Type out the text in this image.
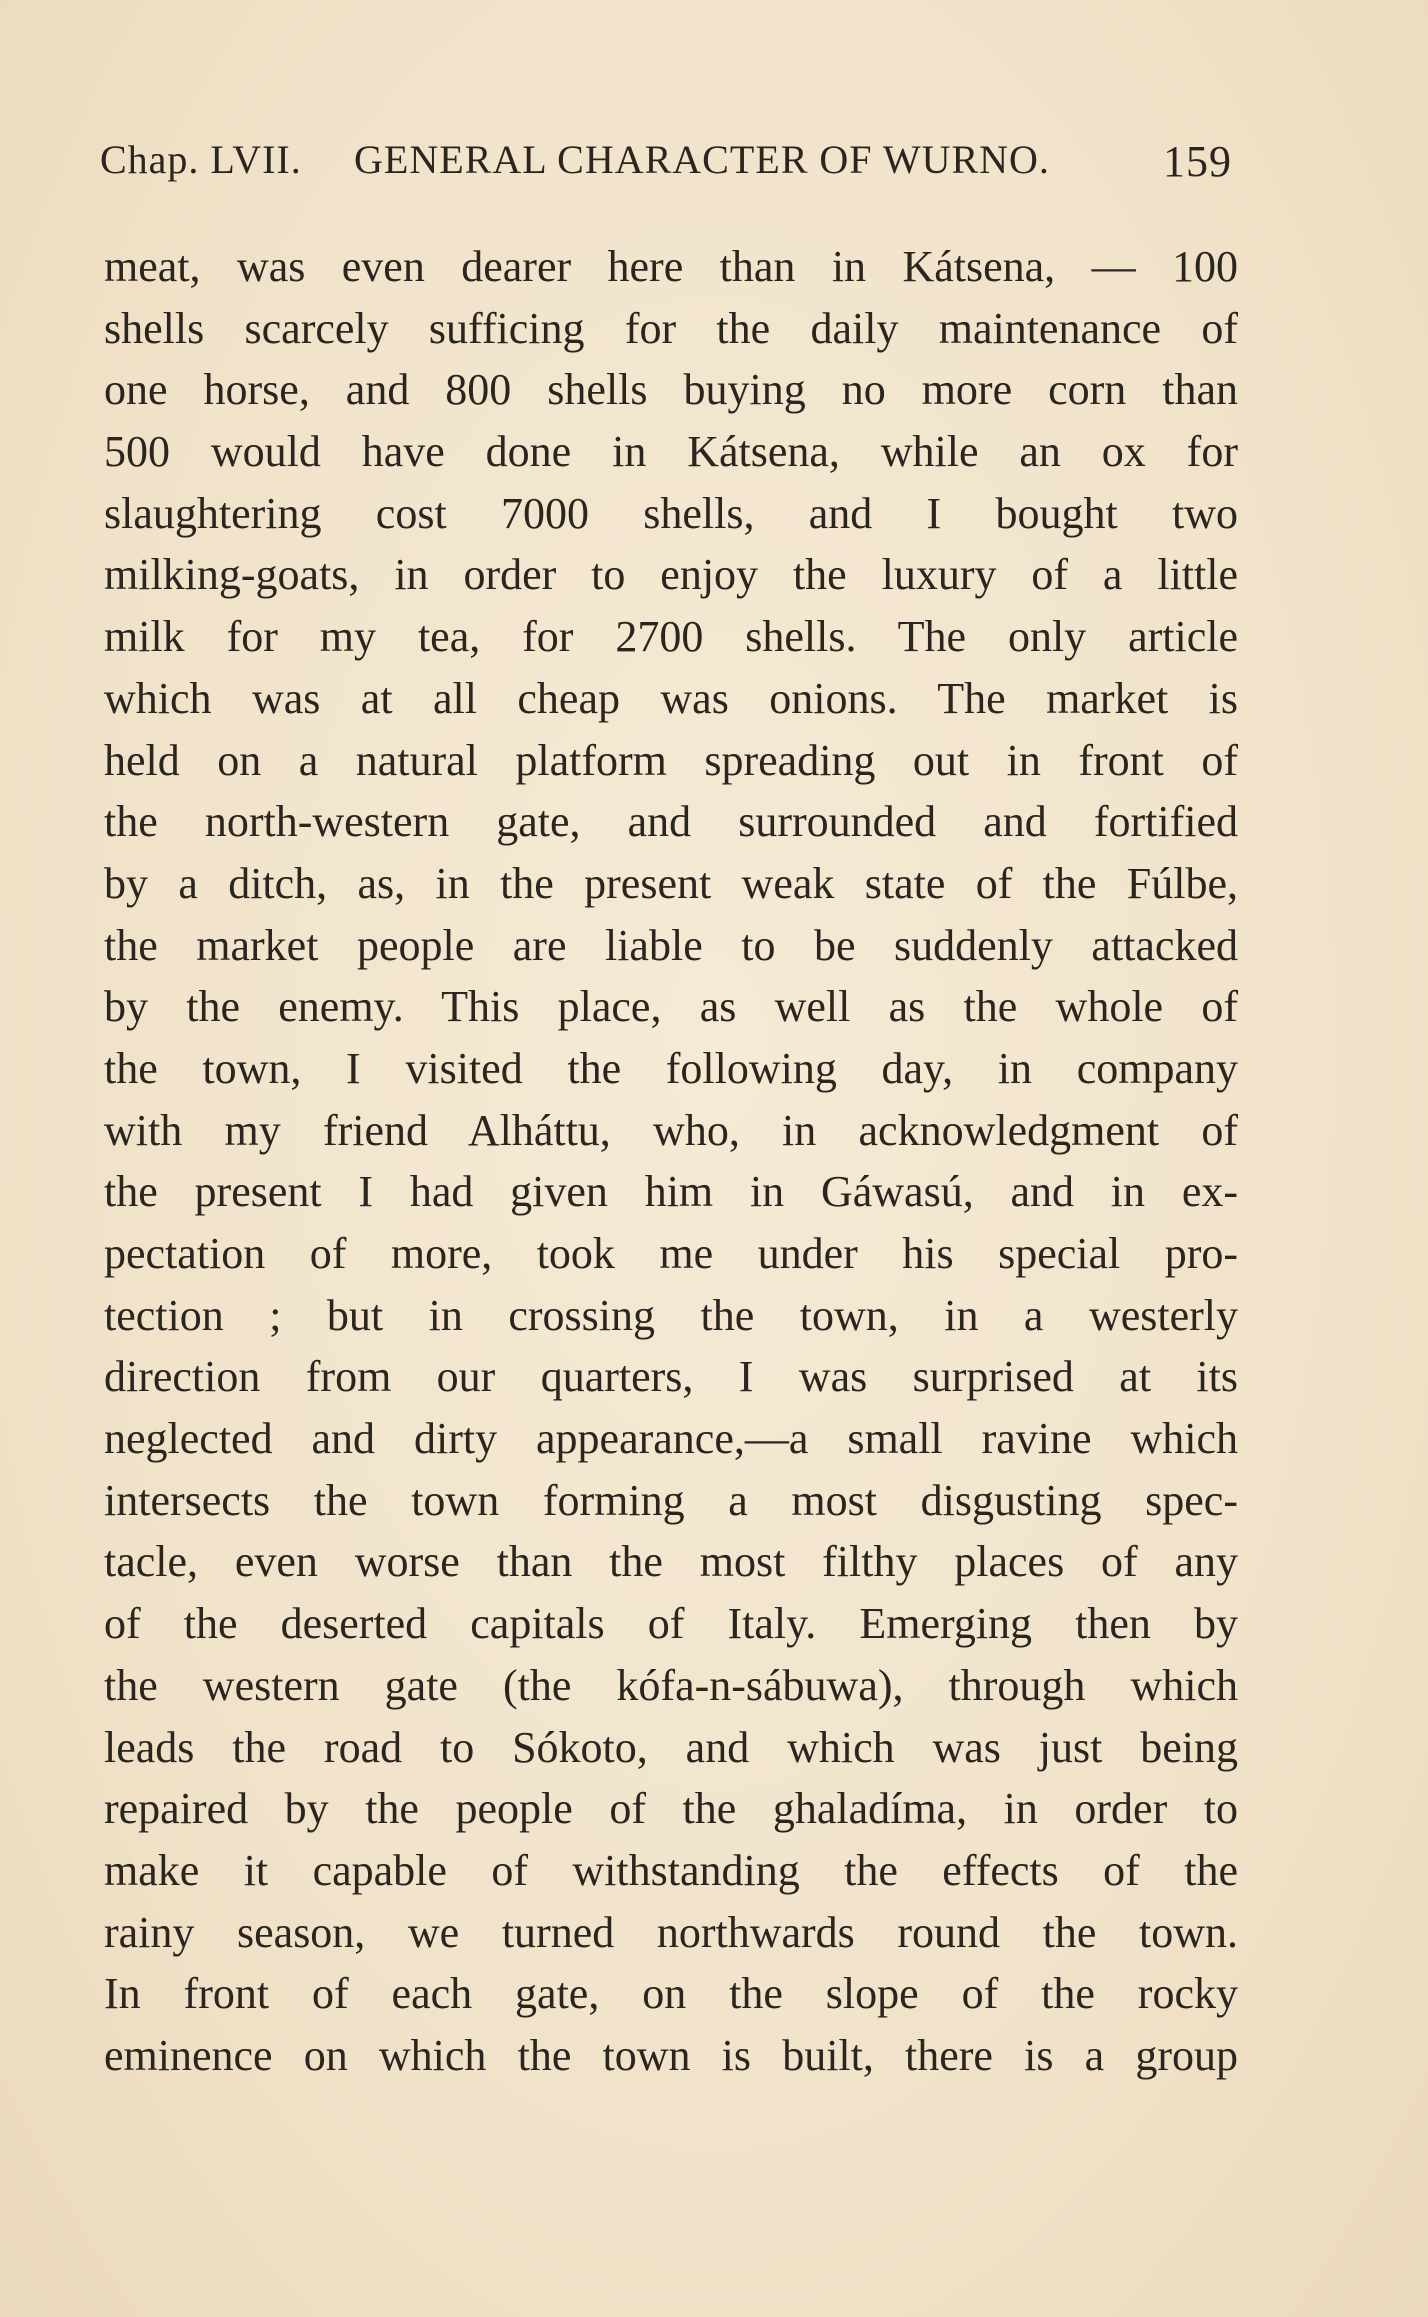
Chap. LVII. GENERAL CHARACTER OF WURNO.	159
meat, was even dearer here than in Kátsena, — 100
shells scarcely sufficing for the daily maintenance of
one horse, and 800 shells buying no more corn than
500 would have done in Kátsena, while an ox for
slaughtering cost 7000 shells, and I bought two
milking-goats, in order to enjoy the luxury of a little
milk for my tea, for 2700 shells. The only article
which was at all cheap was onions. The market is
held on a natural platform spreading out in front of
the north-western gate, and surrounded and fortified
by a ditch, as, in the present weak state of the Fúlbe,
the market people are liable to be suddenly attacked
by the enemy. This place, as well as the whole of
the town, I visited the following day, in company
with my friend Alháttu, who, in acknowledgment of
the present I had given him in Gáwasú, and in ex-
pectation of more, took me under his special pro-
tection ; but in crossing the town, in a westerly
direction from our quarters, I was surprised at its
neglected and dirty appearance,—a small ravine which
intersects the town forming a most disgusting spec-
tacle, even worse than the most filthy places of any
of the deserted capitals of Italy. Emerging then by
the western gate (the kófa-n-sábuwa), through which
leads the road to Sókoto, and which was just being
repaired by the people of the ghaladíma, in order to
make it capable of withstanding the effects of the
rainy season, we turned northwards round the town.
In front of each gate, on the slope of the rocky
eminence on which the town is built, there is a group
